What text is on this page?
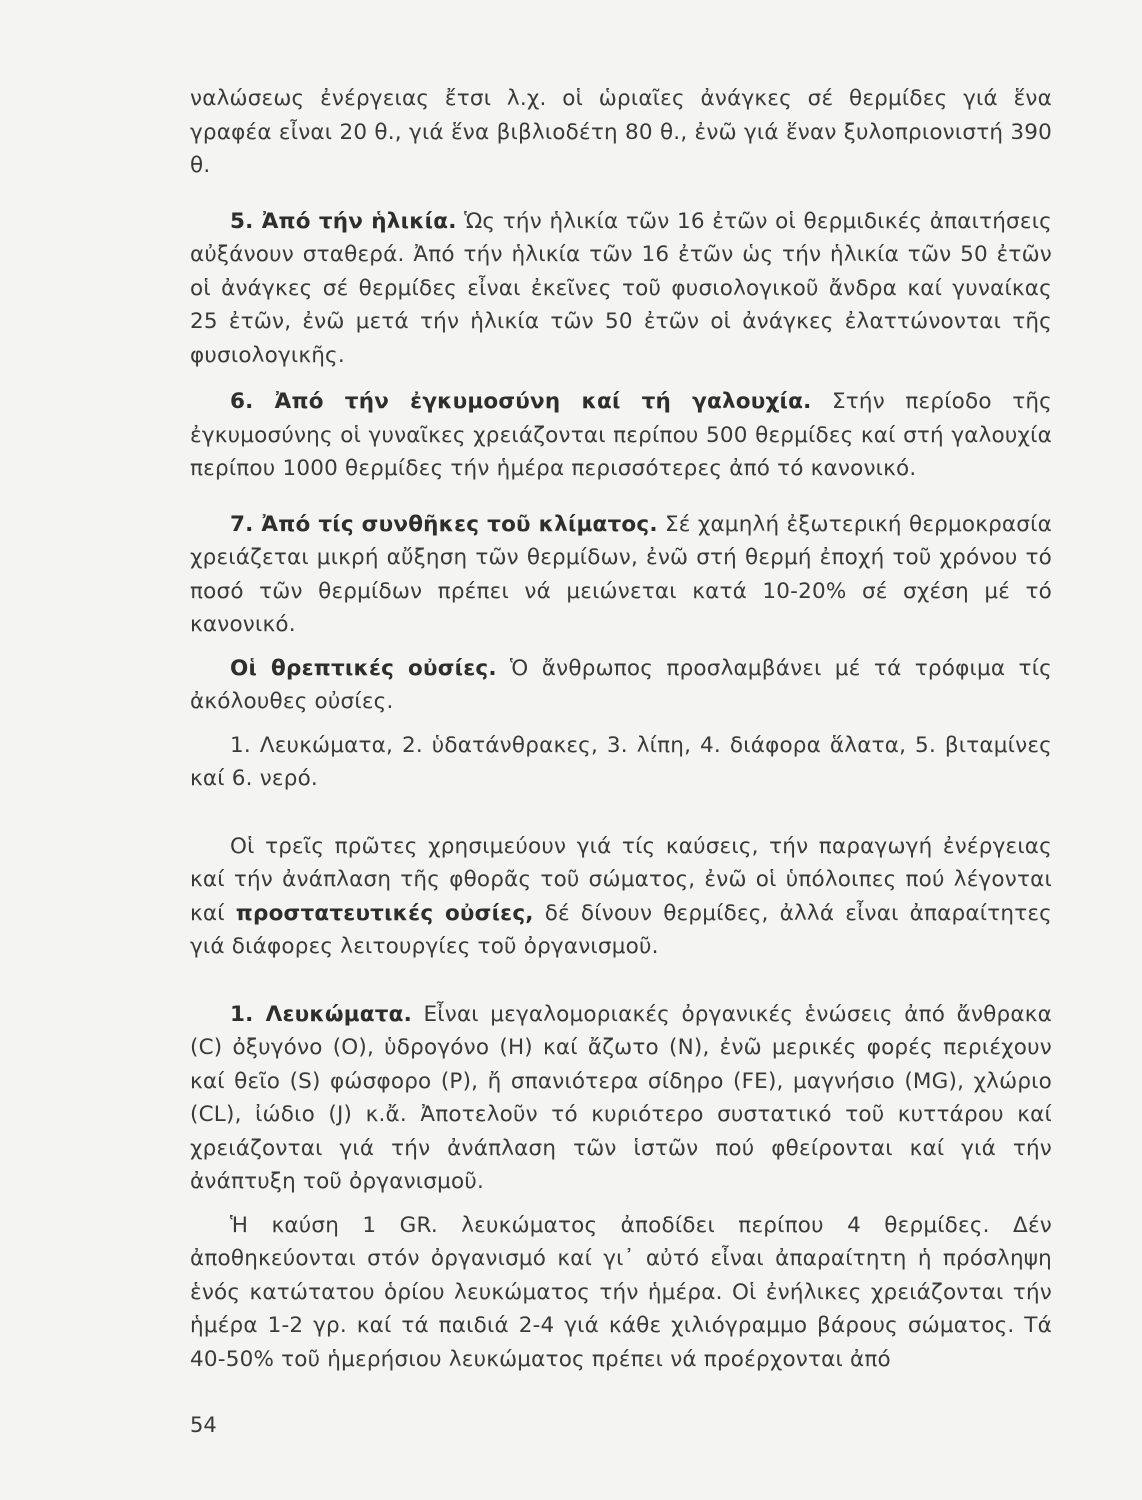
ναλώσεως ἐνέργειας ἔτσι λ.χ. οἱ ὡριαῖες ἀνάγκες σέ θερμίδες γιά ἕνα γραφέα εἶναι 20 θ., γιά ἕνα βιβλιοδέτη 80 θ., ἐνῶ γιά ἕναν ξυλοπριονιστή 390 θ.

5. Ἀπό τήν ἡλικία. Ὡς τήν ἡλικία τῶν 16 ἐτῶν οἱ θερμιδικές ἀπαιτήσεις αὐξάνουν σταθερά. Ἀπό τήν ἡλικία τῶν 16 ἐτῶν ὡς τήν ἡλικία τῶν 50 ἐτῶν οἱ ἀνάγκες σέ θερμίδες εἶναι ἐκεῖνες τοῦ φυσιολογικοῦ ἄνδρα καί γυναίκας 25 ἐτῶν, ἐνῶ μετά τήν ἡλικία τῶν 50 ἐτῶν οἱ ἀνάγκες ἐλαττώνονται τῆς φυσιολογικῆς.

6. Ἀπό τήν ἐγκυμοσύνη καί τή γαλουχία. Στήν περίοδο τῆς ἐγκυμοσύνης οἱ γυναῖκες χρειάζονται περίπου 500 θερμίδες καί στή γαλουχία περίπου 1000 θερμίδες τήν ἡμέρα περισσότερες ἀπό τό κανονικό.

7. Ἀπό τίς συνθῆκες τοῦ κλίματος. Σέ χαμηλή ἐξωτερική θερμοκρασία χρειάζεται μικρή αὔξηση τῶν θερμίδων, ἐνῶ στή θερμή ἐποχή τοῦ χρόνου τό ποσό τῶν θερμίδων πρέπει νά μειώνεται κατά 10-20% σέ σχέση μέ τό κανονικό.

Οἱ θρεπτικές οὐσίες. Ὁ ἄνθρωπος προσλαμβάνει μέ τά τρόφιμα τίς ἀκόλουθες οὐσίες.

1. Λευκώματα, 2. ὑδατάνθρακες, 3. λίπη, 4. διάφορα ἅλατα, 5. βιταμίνες καί 6. νερό.

Οἱ τρεῖς πρῶτες χρησιμεύουν γιά τίς καύσεις, τήν παραγωγή ἐνέργειας καί τήν ἀνάπλαση τῆς φθορᾶς τοῦ σώματος, ἐνῶ οἱ ὑπόλοιπες πού λέγονται καί προστατευτικές οὐσίες, δέ δίνουν θερμίδες, ἀλλά εἶναι ἀπαραίτητες γιά διάφορες λειτουργίες τοῦ ὀργανισμοῦ.

1. Λευκώματα. Εἶναι μεγαλομοριακές ὀργανικές ἑνώσεις ἀπό ἄνθρακα (C) ὀξυγόνο (O), ὑδρογόνο (H) καί ἄζωτο (N), ἐνῶ μερικές φορές περιέχουν καί θεῖο (S) φώσφορο (P), ἤ σπανιότερα σίδηρο (FE), μαγνήσιο (MG), χλώριο (CL), ἰώδιο (J) κ.ἄ. Ἀποτελοῦν τό κυριότερο συστατικό τοῦ κυττάρου καί χρειάζονται γιά τήν ἀνάπλαση τῶν ἱστῶν πού φθείρονται καί γιά τήν ἀνάπτυξη τοῦ ὀργανισμοῦ.

Ἡ καύση 1 GR. λευκώματος ἀποδίδει περίπου 4 θερμίδες. Δέν ἀποθηκεύονται στόν ὀργανισμό καί γι᾽ αὐτό εἶναι ἀπαραίτητη ἡ πρόσληψη ἑνός κατώτατου ὁρίου λευκώματος τήν ἡμέρα. Οἱ ἐνήλικες χρειάζονται τήν ἡμέρα 1-2 γρ. καί τά παιδιά 2-4 γιά κάθε χιλιόγραμμο βάρους σώματος. Τά 40-50% τοῦ ἡμερήσιου λευκώματος πρέπει νά προέρχονται ἀπό

54
